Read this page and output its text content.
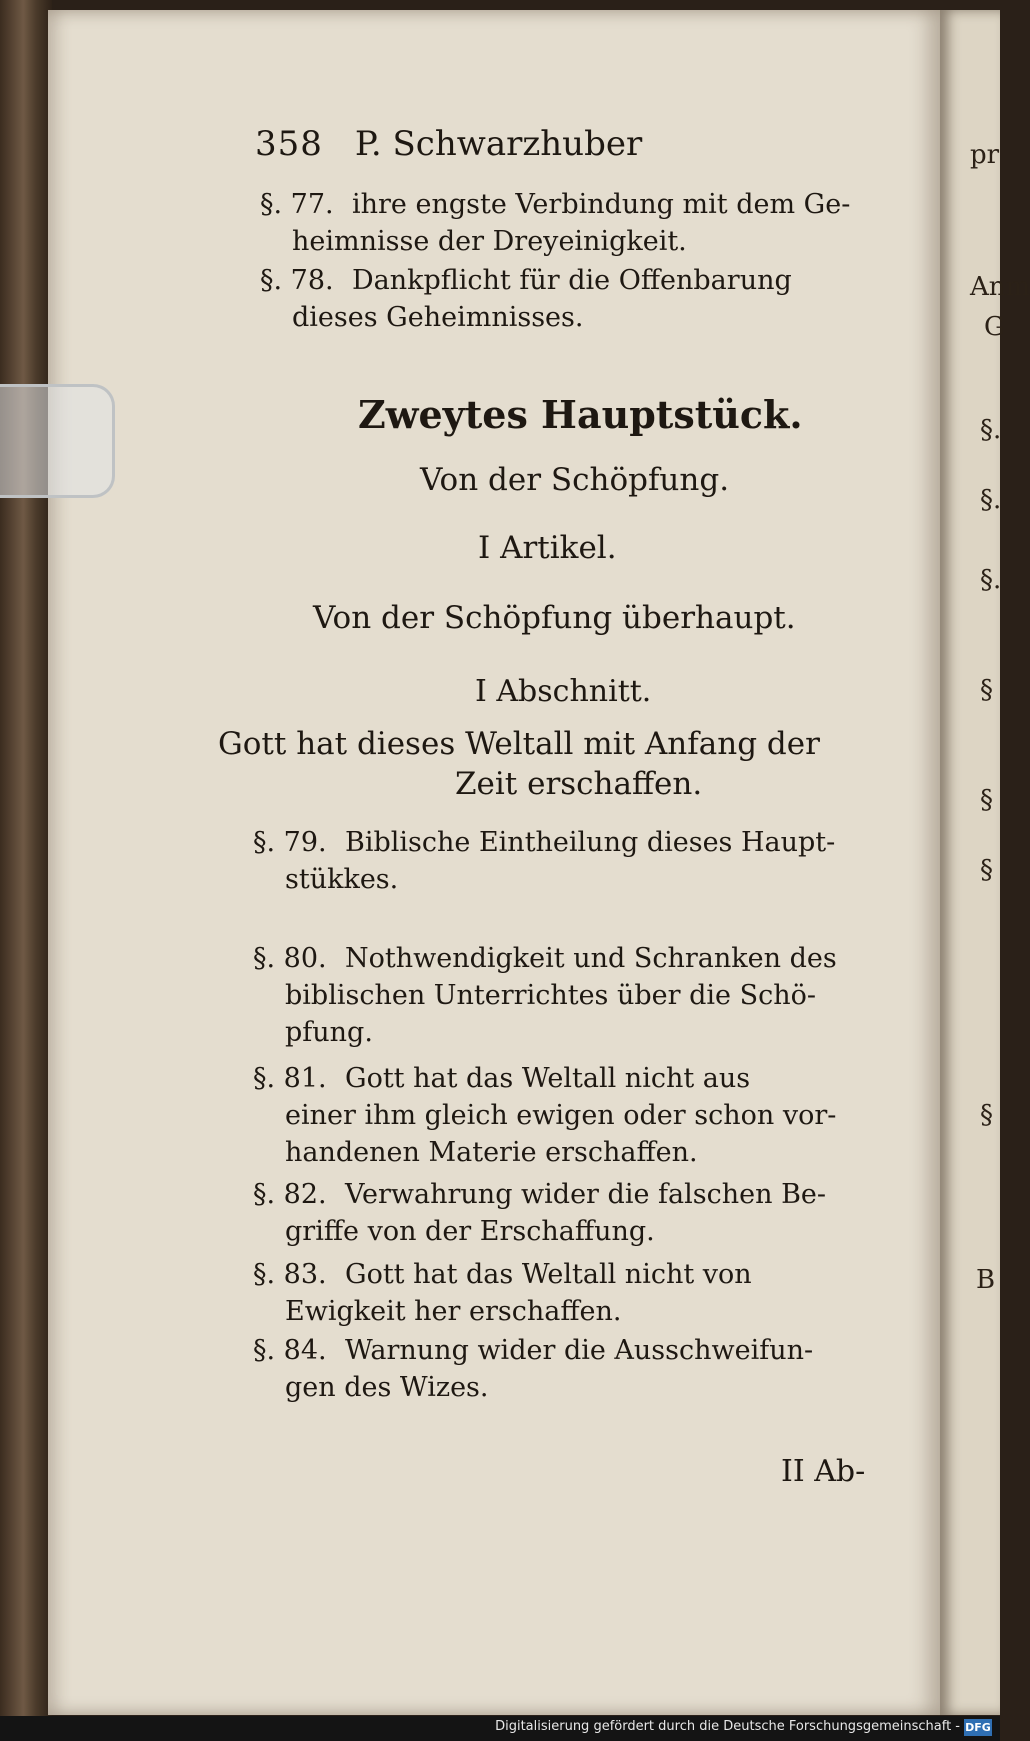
358 P. Schwarzhuber
§. 77. ihre engste Verbindung mit dem Ge-
heimnisse der Dreyeinigkeit.
§. 78. Dankpflicht für die Offenbarung
dieses Geheimnisses.
Zweytes Hauptstück.
Von der Schöpfung.
I Artikel.
Von der Schöpfung überhaupt.
I Abschnitt.
Gott hat dieses Weltall mit Anfang der
Zeit erschaffen.
§. 79. Biblische Eintheilung dieses Haupt-
stükkes.
§. 80. Nothwendigkeit und Schranken des
biblischen Unterrichtes über die Schö-
pfung.
§. 81. Gott hat das Weltall nicht aus
einer ihm gleich ewigen oder schon vor-
handenen Materie erschaffen.
§. 82. Verwahrung wider die falschen Be-
griffe von der Erschaffung.
§. 83. Gott hat das Weltall nicht von
Ewigkeit her erschaffen.
§. 84. Warnung wider die Ausschweifun-
gen des Wizes.
II Ab-
pr
Anm
G
§.
§.
§.
§
§
§
§
B
Digitalisierung gefördert durch die Deutsche Forschungsgemeinschaft - DFG
